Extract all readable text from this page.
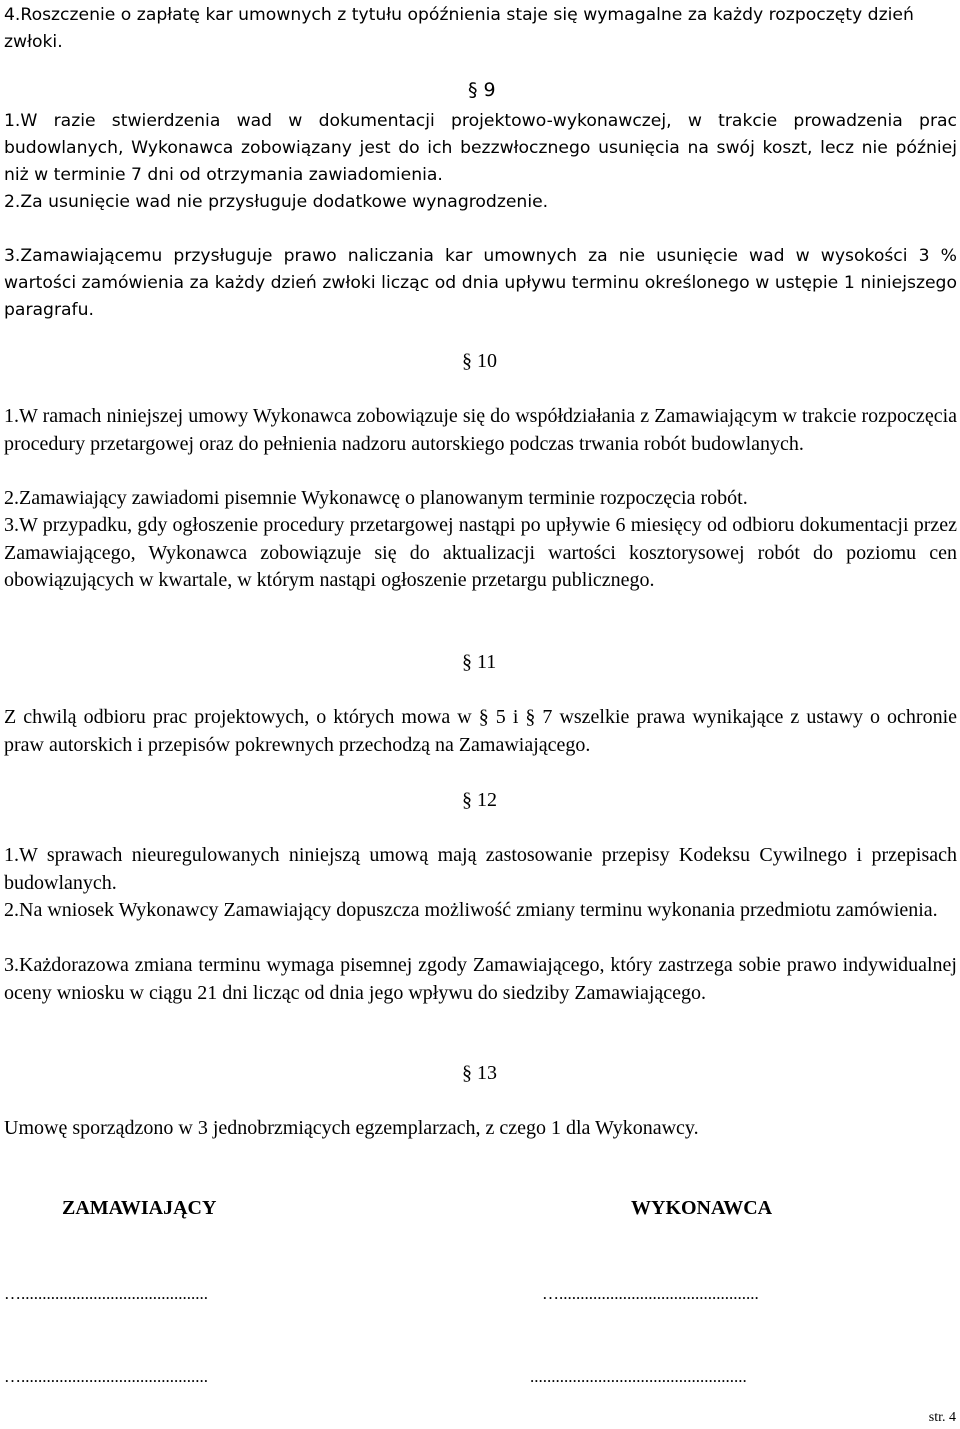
4.Roszczenie o zapłatę kar umownych z tytułu opóźnienia staje się wymagalne za każdy rozpoczęty dzień zwłoki.

§ 9

1.W razie stwierdzenia wad w dokumentacji projektowo-wykonawczej, w trakcie prowadzenia prac budowlanych, Wykonawca zobowiązany jest do ich bezzwłocznego usunięcia na swój koszt, lecz nie później niż w terminie 7 dni od otrzymania zawiadomienia.

2.Za usunięcie wad nie przysługuje dodatkowe wynagrodzenie.

3.Zamawiającemu przysługuje prawo naliczania kar umownych za nie usunięcie wad w wysokości 3 % wartości zamówienia za każdy dzień zwłoki licząc od dnia upływu terminu określonego w ustępie 1 niniejszego paragrafu.

§ 10

1.W ramach niniejszej umowy Wykonawca zobowiązuje się do współdziałania z Zamawiającym w trakcie rozpoczęcia procedury przetargowej oraz do pełnienia nadzoru autorskiego podczas trwania robót budowlanych.

2.Zamawiający zawiadomi pisemnie Wykonawcę o planowanym terminie rozpoczęcia robót.

3.W przypadku, gdy ogłoszenie procedury przetargowej nastąpi po upływie 6 miesięcy od odbioru dokumentacji przez Zamawiającego, Wykonawca zobowiązuje się do aktualizacji wartości kosztorysowej robót do poziomu cen obowiązujących w kwartale, w którym nastąpi ogłoszenie przetargu publicznego.

§ 11

Z chwilą odbioru prac projektowych, o których mowa w § 5 i § 7 wszelkie prawa wynikające z ustawy o ochronie praw autorskich i przepisów pokrewnych przechodzą na Zamawiającego.

§ 12

1.W sprawach nieuregulowanych niniejszą umową mają zastosowanie przepisy Kodeksu Cywilnego i przepisach budowlanych.

2.Na wniosek Wykonawcy Zamawiający dopuszcza możliwość zmiany terminu wykonania przedmiotu zamówienia.

3.Każdorazowa zmiana terminu wymaga pisemnej zgody Zamawiającego, który zastrzega sobie prawo indywidualnej oceny wniosku w ciągu 21 dni licząc od dnia jego wpływu do siedziby Zamawiającego.

§ 13

Umowę sporządzono w 3 jednobrzmiących egzemplarzach, z czego 1 dla Wykonawcy.

ZAMAWIAJĄCY	WYKONAWCA
…............................................	…...............................................
…............................................	...................................................
str. 4
